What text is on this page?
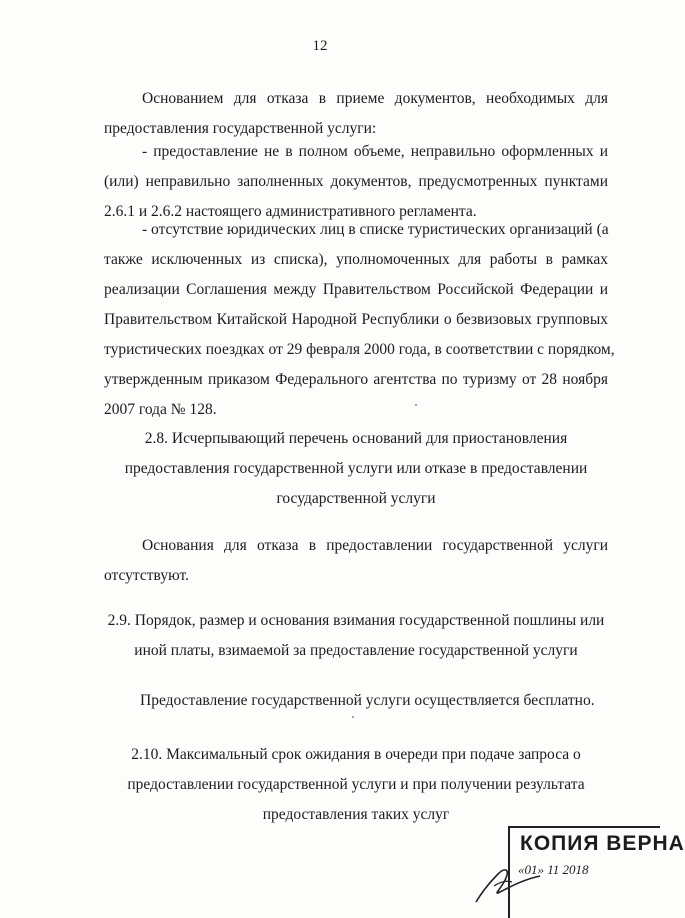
12
Основанием для отказа в приеме документов, необходимых для
предоставления государственной услуги:
- предоставление не в полном объеме, неправильно оформленных и
(или) неправильно заполненных документов, предусмотренных пунктами
2.6.1 и 2.6.2 настоящего административного регламента.
- отсутствие юридических лиц в списке туристических организаций (а
также исключенных из списка), уполномоченных для работы в рамках
реализации Соглашения между Правительством Российской Федерации и
Правительством Китайской Народной Республики о безвизовых групповых
туристических поездках от 29 февраля 2000 года, в соответствии с порядком,
утвержденным приказом Федерального агентства по туризму от 28 ноября
2007 года № 128.
2.8. Исчерпывающий перечень оснований для приостановления
предоставления государственной услуги или отказе в предоставлении
государственной услуги
Основания для отказа в предоставлении государственной услуги
отсутствуют.
2.9. Порядок, размер и основания взимания государственной пошлины или
иной платы, взимаемой за предоставление государственной услуги
Предоставление государственной услуги осуществляется бесплатно.
2.10. Максимальный срок ожидания в очереди при подаче запроса о
предоставлении государственной услуги и при получении результата
предоставления таких услуг
КОПИЯ ВЕРНА
«01» 11 2018
